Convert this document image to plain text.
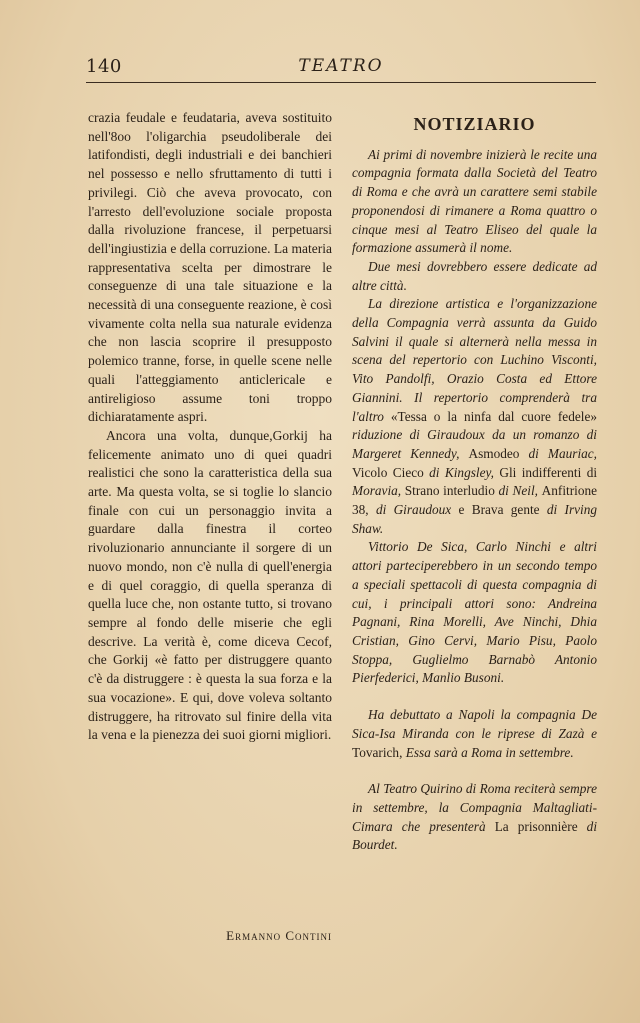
140	TEATRO

crazia feudale e feudataria, aveva sostituito nell'8oo l'oligarchia pseudoliberale dei latifondisti, degli industriali e dei banchieri nel possesso e nello sfruttamento di tutti i privilegi. Ciò che aveva provocato, con l'arresto dell'evoluzione sociale proposta dalla rivoluzione francese, il perpetuarsi dell'ingiustizia e della corruzione. La materia rappresentativa scelta per dimostrare le conseguenze di una tale situazione e la necessità di una conseguente reazione, è così vivamente colta nella sua naturale evidenza che non lascia scoprire il presupposto polemico tranne, forse, in quelle scene nelle quali l'atteggiamento anticlericale e antireligioso assume toni troppo dichiaratamente aspri.

Ancora una volta, dunque,Gorkij ha felicemente animato uno di quei quadri realistici che sono la caratteristica della sua arte. Ma questa volta, se si toglie lo slancio finale con cui un personaggio invita a guardare dalla finestra il corteo rivoluzionario annunciante il sorgere di un nuovo mondo, non c'è nulla di quell'energia e di quel coraggio, di quella speranza di quella luce che, non ostante tutto, si trovano sempre al fondo delle miserie che egli descrive. La verità è, come diceva Cecof, che Gorkij «è fatto per distruggere quanto c'è da distruggere : è questa la sua forza e la sua vocazione». E qui, dove voleva soltanto distruggere, ha ritrovato sul finire della vita la vena e la pienezza dei suoi giorni migliori.

Ermanno Contini
NOTIZIARIO

Ai primi di novembre inizierà le recite una compagnia formata dalla Società del Teatro di Roma e che avrà un carattere semi stabile proponendosi di rimanere a Roma quattro o cinque mesi al Teatro Eliseo del quale la formazione assumerà il nome.

Due mesi dovrebbero essere dedicate ad altre città.

La direzione artistica e l'organizzazione della Compagnia verrà assunta da Guido Salvini il quale si alternerà nella messa in scena del repertorio con Luchino Visconti, Vito Pandolfi, Orazio Costa ed Ettore Giannini. Il repertorio comprenderà tra l'altro «Tessa o la ninfa dal cuore fedele» riduzione di Giraudoux da un romanzo di Margeret Kennedy, Asmodeo di Mauriac, Vicolo Cieco di Kingsley, Gli indifferenti di Moravia, Strano interludio di Neil, Anfitrione 38, di Giraudoux e Brava gente di Irving Shaw.

Vittorio De Sica, Carlo Ninchi e altri attori parteciperebbero in un secondo tempo a speciali spettacoli di questa compagnia di cui, i principali attori sono: Andreina Pagnani, Rina Morelli, Ave Ninchi, Dhia Cristian, Gino Cervi, Mario Pisu, Paolo Stoppa, Guglielmo Barnabò Antonio Pierfederici, Manlio Busoni.

Ha debuttato a Napoli la compagnia De Sica-Isa Miranda con le riprese di Zazà e Tovarich, Essa sarà a Roma in settembre.

Al Teatro Quirino di Roma reciterà sempre in settembre, la Compagnia Maltagliati-Cimara che presenterà La prisonnière di Bourdet.
